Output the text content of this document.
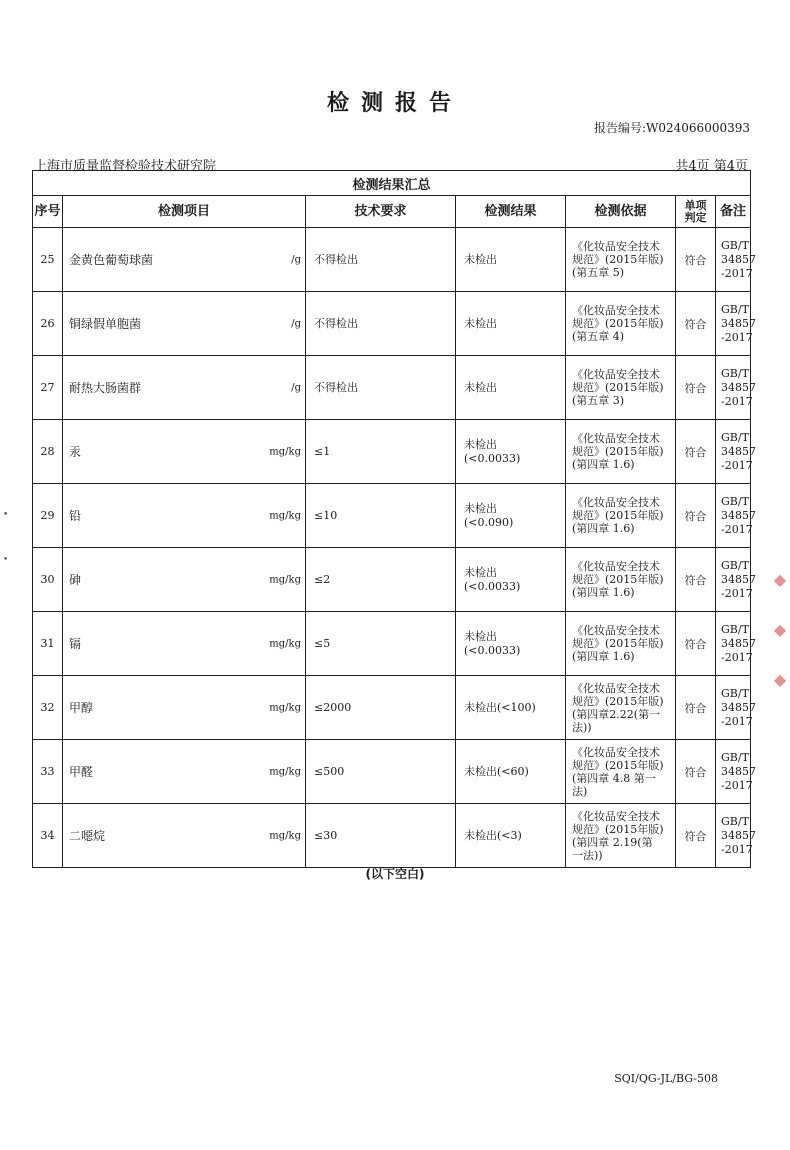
检测报告
报告编号:W024066000393
上海市质量监督检验技术研究院	共4页 第4页
检测结果汇总						
序号	检测项目	技术要求	检测结果	检测依据	单项
判定	备注
25	金黄色葡萄球菌 /g	不得检出	未检出	《化妆品安全技术
规范》(2015年版)
(第五章 5)	符合	GB/T
34857
-2017

26	铜绿假单胞菌 /g	不得检出	未检出	《化妆品安全技术
规范》(2015年版)
(第五章 4)	符合	GB/T
34857
-2017

27	耐热大肠菌群 /g	不得检出	未检出	《化妆品安全技术
规范》(2015年版)
(第五章 3)	符合	GB/T
34857
-2017

28	汞 mg/kg	≤1	未检出
(<0.0033)	《化妆品安全技术
规范》(2015年版)
(第四章 1.6)	符合	GB/T
34857
-2017

29	铅 mg/kg	≤10	未检出
(<0.090)	《化妆品安全技术
规范》(2015年版)
(第四章 1.6)	符合	GB/T
34857
-2017

30	砷 mg/kg	≤2	未检出
(<0.0033)	《化妆品安全技术
规范》(2015年版)
(第四章 1.6)	符合	GB/T
34857
-2017

31	镉 mg/kg	≤5	未检出
(<0.0033)	《化妆品安全技术
规范》(2015年版)
(第四章 1.6)	符合	GB/T
34857
-2017

32	甲醇 mg/kg	≤2000	未检出(<100)	《化妆品安全技术
规范》(2015年版)
(第四章2.22(第一
法))	符合	GB/T
34857
-2017

33	甲醛 mg/kg	≤500	未检出(<60)	《化妆品安全技术
规范》(2015年版)
(第四章 4.8 第一
法)	符合	GB/T
34857
-2017

34	二噁烷 mg/kg	≤30	未检出(<3)	《化妆品安全技术
规范》(2015年版)
(第四章 2.19(第
一法))	符合	GB/T
34857
-2017
(以下空白)
SQI/QG-JL/BG-508
◆
◆
◆
•
•
